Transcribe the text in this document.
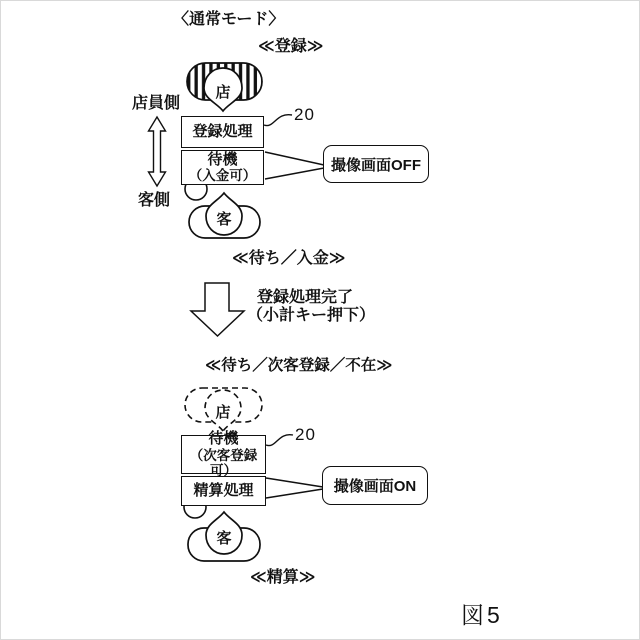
〈通常モード〉
≪登録≫
店員側
客側
店
客
店
客
登録処理
待機
（入金可）
20
撮像画面OFF
≪待ち／入金≫
登録処理完了
（小計キー押下）
≪待ち／次客登録／不在≫
待機
（次客登録可）
精算処理
20
撮像画面ON
≪精算≫
図5
